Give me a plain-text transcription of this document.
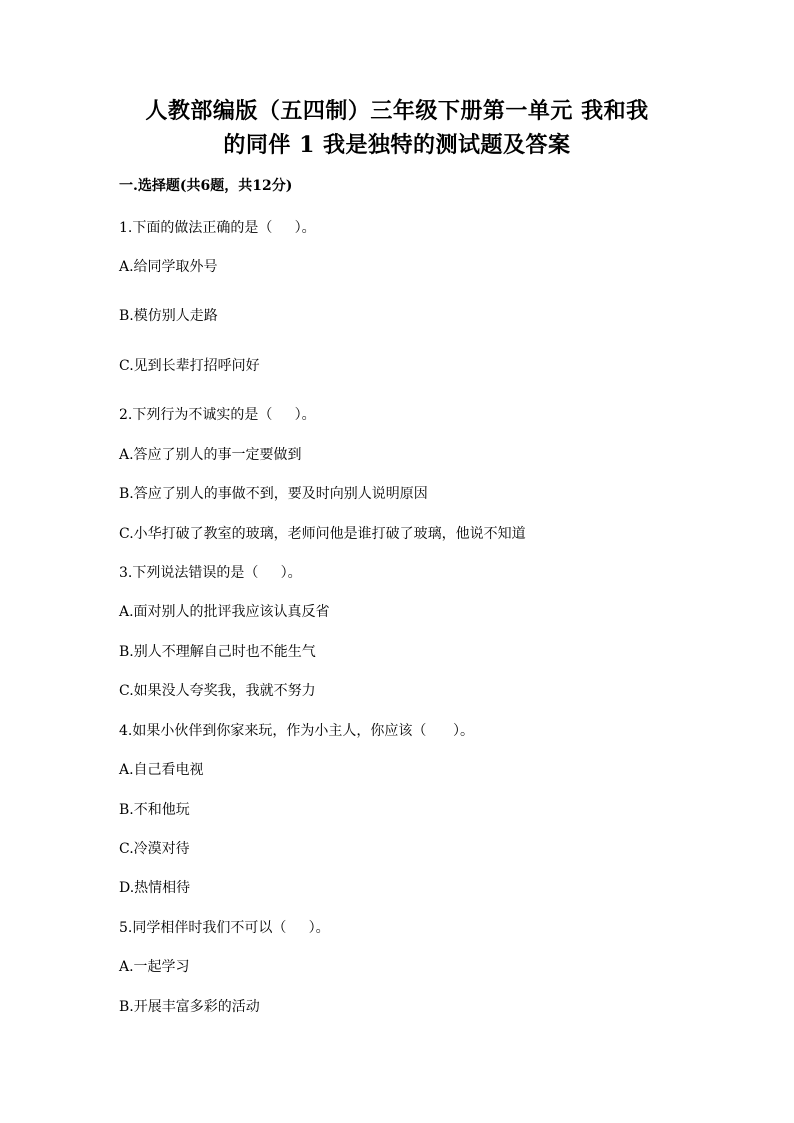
人教部编版（五四制）三年级下册第一单元 我和我
的同伴 1 我是独特的测试题及答案
一.选择题(共6题，共12分)
1.下面的做法正确的是（     ）。
A.给同学取外号
B.模仿别人走路
C.见到长辈打招呼问好
2.下列行为不诚实的是（     ）。
A.答应了别人的事一定要做到
B.答应了别人的事做不到，要及时向别人说明原因
C.小华打破了教室的玻璃，老师问他是谁打破了玻璃，他说不知道
3.下列说法错误的是（     ）。
A.面对别人的批评我应该认真反省
B.别人不理解自己时也不能生气
C.如果没人夸奖我，我就不努力
4.如果小伙伴到你家来玩，作为小主人，你应该（      ）。
A.自己看电视
B.不和他玩
C.冷漠对待
D.热情相待
5.同学相伴时我们不可以（     ）。
A.一起学习
B.开展丰富多彩的活动
